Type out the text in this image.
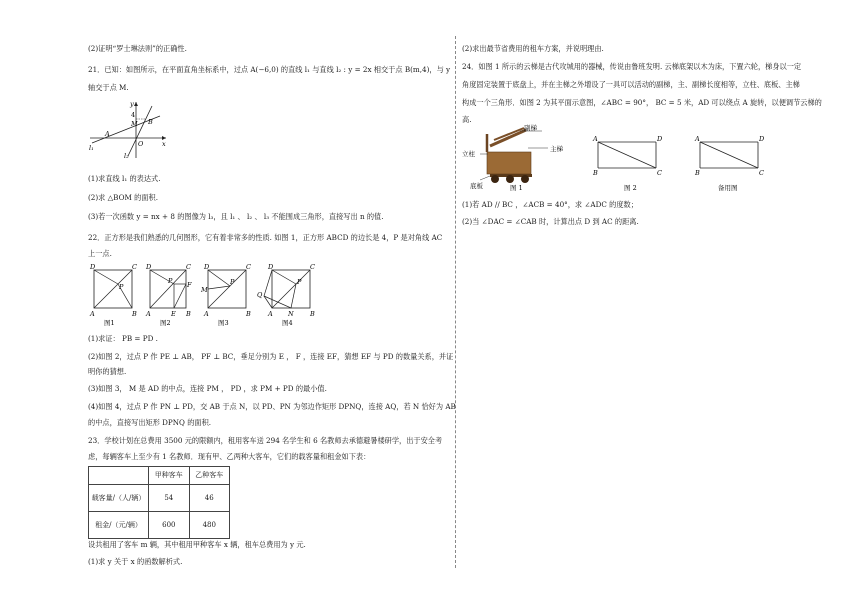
(2)证明“罗士琳法则”的正确性.
21．已知：如图所示，在平面直角坐标系中，过点 A(−6,0) 的直线 l₁ 与直线 l₂ : y = 2x 相交于点 B(m,4)，与 y
轴交于点 M.
y
x
B
M
4
A
O
l₁
l₂
(1)求直线 l₁ 的表达式.
(2)求 △BOM 的面积.
(3)若一次函数 y = nx + 8 的图像为 l₃，且 l₁ 、 l₂ 、 l₃ 不能围成三角形，直接写出 n 的值.
22．正方形是我们熟悉的几何图形，它有着非常多的性质. 如图 1，正方形 ABCD 的边长是 4，P 是对角线 AC
上一点.
D	C
A	B
P
图1
D	C
A	B
P F
E
图2
D	C
A	B
P
M
图3
D	C
A	B
P
Q
N
图4
(1)求证： PB = PD .
(2)如图 2，过点 P 作 PE ⊥ AB， PF ⊥ BC，垂足分别为 E ， F ，连接 EF，猜想 EF 与 PD 的数量关系，并证
明你的猜想.
(3)如图 3， M 是 AD 的中点，连接 PM ， PD ，求 PM + PD 的最小值.
(4)如图 4，过点 P 作 PN ⊥ PD，交 AB 于点 N，以 PD、PN 为邻边作矩形 DPNQ，连接 AQ，若 N 恰好为 AB
的中点，直接写出矩形 DPNQ 的面积.
23．学校计划在总费用 3500 元的限额内，租用客车送 294 名学生和 6 名教师去承德避暑楼研学，出于安全考
虑，每辆客车上至少有 1 名教师．现有甲、乙两种大客车，它们的载客量和租金如下表：
	甲种客车	乙种客车
载客量/（人/辆）	54	46
租金/（元/辆）	600	480
设共租用了客车 m 辆，其中租用甲种客车 x 辆，租车总费用为 y 元.
(1)求 y 关于 x 的函数解析式.
(2)求出最节省费用的租车方案，并说明理由.
24．如图 1 所示的云梯是古代攻城用的器械，传说由鲁班发明. 云梯底架以木为床，下置六轮，梯身以一定
角度固定装置于底盘上，并在主梯之外增设了一具可以活动的副梯，主、副梯长度相等，立柱、底板、主梯
构成一个三角形．如图 2 为其平面示意图，∠ABC = 90°， BC = 5 米，AD 可以绕点 A 旋转，以便调节云梯的
高.
副梯
主梯
立柱
底板	图 1
A	D
B	C
图 2
A	D
B	C
备用图
(1)若 AD // BC ，∠ACB = 40°，求 ∠ADC 的度数；
(2)当 ∠DAC = ∠CAB 时，计算出点 D 到 AC 的距离.
